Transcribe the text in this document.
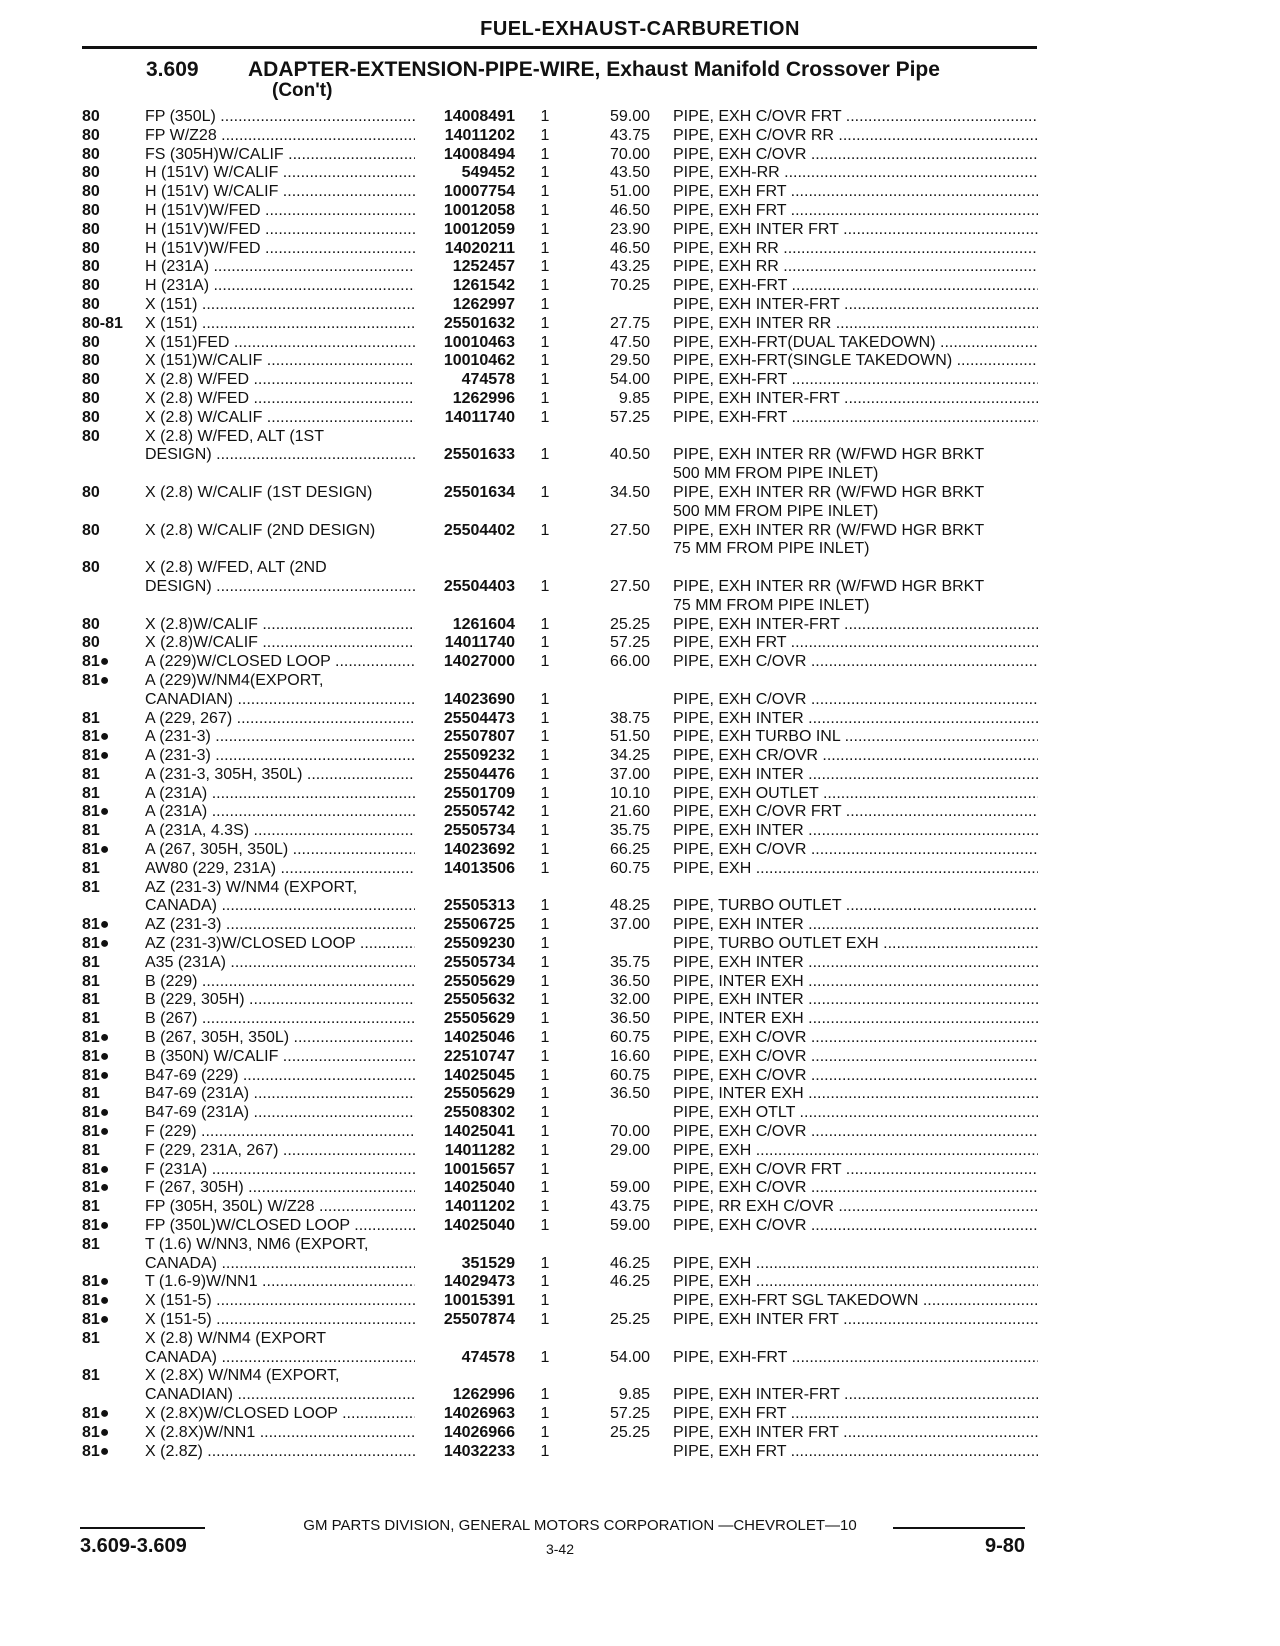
FUEL-EXHAUST-CARBURETION
3.609 ADAPTER-EXTENSION-PIPE-WIRE, Exhaust Manifold Crossover Pipe
(Con't)
80	FP (350L) .....	14008491 1	59.00 PIPE, EXH C/OVR FRT .....
80	FP W/Z28 .....	14011202 1	43.75 PIPE, EXH C/OVR RR .....
80	FS (305H)W/CALIF .....	14008494 1	70.00 PIPE, EXH C/OVR .....
80	H (151V) W/CALIF .....	549452 1	43.50 PIPE, EXH-RR .....
80	H (151V) W/CALIF .....	10007754 1	51.00 PIPE, EXH FRT .....
80	H (151V)W/FED .....	10012058 1	46.50 PIPE, EXH FRT .....
80	H (151V)W/FED .....	10012059 1	23.90 PIPE, EXH INTER FRT .....
80	H (151V)W/FED .....	14020211 1	46.50 PIPE, EXH RR .....
80	H (231A) .....	1252457 1	43.25 PIPE, EXH RR .....
80	H (231A) .....	1261542 1	70.25 PIPE, EXH-FRT .....
80	X (151) .....	1262997 1	PIPE, EXH INTER-FRT .....
80-81	X (151) .....	25501632 1	27.75 PIPE, EXH INTER RR .....
80	X (151)FED .....	10010463 1	47.50 PIPE, EXH-FRT(DUAL TAKEDOWN) .....
80	X (151)W/CALIF .....	10010462 1	29.50 PIPE, EXH-FRT(SINGLE TAKEDOWN) .....
80	X (2.8) W/FED .....	474578 1	54.00 PIPE, EXH-FRT .....
80	X (2.8) W/FED .....	1262996 1	9.85 PIPE, EXH INTER-FRT .....
80	X (2.8) W/CALIF .....	14011740 1	57.25 PIPE, EXH-FRT .....
80	X (2.8) W/FED, ALT (1ST
DESIGN) .....	25501633 1	40.50 PIPE, EXH INTER RR (W/FWD HGR BRKT
500 MM FROM PIPE INLET)
80	X (2.8) W/CALIF (1ST DESIGN)	25501634 1	34.50 PIPE, EXH INTER RR (W/FWD HGR BRKT
500 MM FROM PIPE INLET)
80	X (2.8) W/CALIF (2ND DESIGN)	25504402 1	27.50 PIPE, EXH INTER RR (W/FWD HGR BRKT
75 MM FROM PIPE INLET)
80	X (2.8) W/FED, ALT (2ND
DESIGN) .....	25504403 1	27.50 PIPE, EXH INTER RR (W/FWD HGR BRKT
75 MM FROM PIPE INLET)
80	X (2.8)W/CALIF .....	1261604 1	25.25 PIPE, EXH INTER-FRT .....
80	X (2.8)W/CALIF .....	14011740 1	57.25 PIPE, EXH FRT .....
81●	A (229)W/CLOSED LOOP .....	14027000 1	66.00 PIPE, EXH C/OVR .....
81●	A (229)W/NM4(EXPORT,
CANADIAN) .....	14023690 1	PIPE, EXH C/OVR .....
81	A (229, 267) .....	25504473 1	38.75 PIPE, EXH INTER .....
81●	A (231-3) .....	25507807 1	51.50 PIPE, EXH TURBO INL .....
81●	A (231-3) .....	25509232 1	34.25 PIPE, EXH CR/OVR .....
81	A (231-3, 305H, 350L) .....	25504476 1	37.00 PIPE, EXH INTER .....
81	A (231A) .....	25501709 1	10.10 PIPE, EXH OUTLET .....
81●	A (231A) .....	25505742 1	21.60 PIPE, EXH C/OVR FRT .....
81	A (231A, 4.3S) .....	25505734 1	35.75 PIPE, EXH INTER .....
81●	A (267, 305H, 350L) .....	14023692 1	66.25 PIPE, EXH C/OVR .....
81	AW80 (229, 231A) .....	14013506 1	60.75 PIPE, EXH .....
81	AZ (231-3) W/NM4 (EXPORT,
CANADA) .....	25505313 1	48.25 PIPE, TURBO OUTLET .....
81●	AZ (231-3) .....	25506725 1	37.00 PIPE, EXH INTER .....
81●	AZ (231-3)W/CLOSED LOOP .....	25509230 1	PIPE, TURBO OUTLET EXH .....
81	A35 (231A) .....	25505734 1	35.75 PIPE, EXH INTER .....
81	B (229) .....	25505629 1	36.50 PIPE, INTER EXH .....
81	B (229, 305H) .....	25505632 1	32.00 PIPE, EXH INTER .....
81	B (267) .....	25505629 1	36.50 PIPE, INTER EXH .....
81●	B (267, 305H, 350L) .....	14025046 1	60.75 PIPE, EXH C/OVR .....
81●	B (350N) W/CALIF .....	22510747 1	16.60 PIPE, EXH C/OVR .....
81●	B47-69 (229) .....	14025045 1	60.75 PIPE, EXH C/OVR .....
81	B47-69 (231A) .....	25505629 1	36.50 PIPE, INTER EXH .....
81●	B47-69 (231A) .....	25508302 1	PIPE, EXH OTLT .....
81●	F (229) .....	14025041 1	70.00 PIPE, EXH C/OVR .....
81	F (229, 231A, 267) .....	14011282 1	29.00 PIPE, EXH .....
81●	F (231A) .....	10015657 1	PIPE, EXH C/OVR FRT .....
81●	F (267, 305H) .....	14025040 1	59.00 PIPE, EXH C/OVR .....
81	FP (305H, 350L) W/Z28 .....	14011202 1	43.75 PIPE, RR EXH C/OVR .....
81●	FP (350L)W/CLOSED LOOP .....	14025040 1	59.00 PIPE, EXH C/OVR .....
81	T (1.6) W/NN3, NM6 (EXPORT,
CANADA) .....	351529 1	46.25 PIPE, EXH .....
81●	T (1.6-9)W/NN1 .....	14029473 1	46.25 PIPE, EXH .....
81●	X (151-5) .....	10015391 1	PIPE, EXH-FRT SGL TAKEDOWN .....
81●	X (151-5) .....	25507874 1	25.25 PIPE, EXH INTER FRT .....
81	X (2.8) W/NM4 (EXPORT
CANADA) .....	474578 1	54.00 PIPE, EXH-FRT .....
81	X (2.8X) W/NM4 (EXPORT,
CANADIAN) .....	1262996 1	9.85 PIPE, EXH INTER-FRT .....
81●	X (2.8X)W/CLOSED LOOP .....	14026963 1	57.25 PIPE, EXH FRT .....
81●	X (2.8X)W/NN1 .....	14026966 1	25.25 PIPE, EXH INTER FRT .....
81●	X (2.8Z) .....	14032233 1	PIPE, EXH FRT .....
GM PARTS DIVISION, GENERAL MOTORS CORPORATION —CHEVROLET—10
3.609-3.609	3-42	9-80
